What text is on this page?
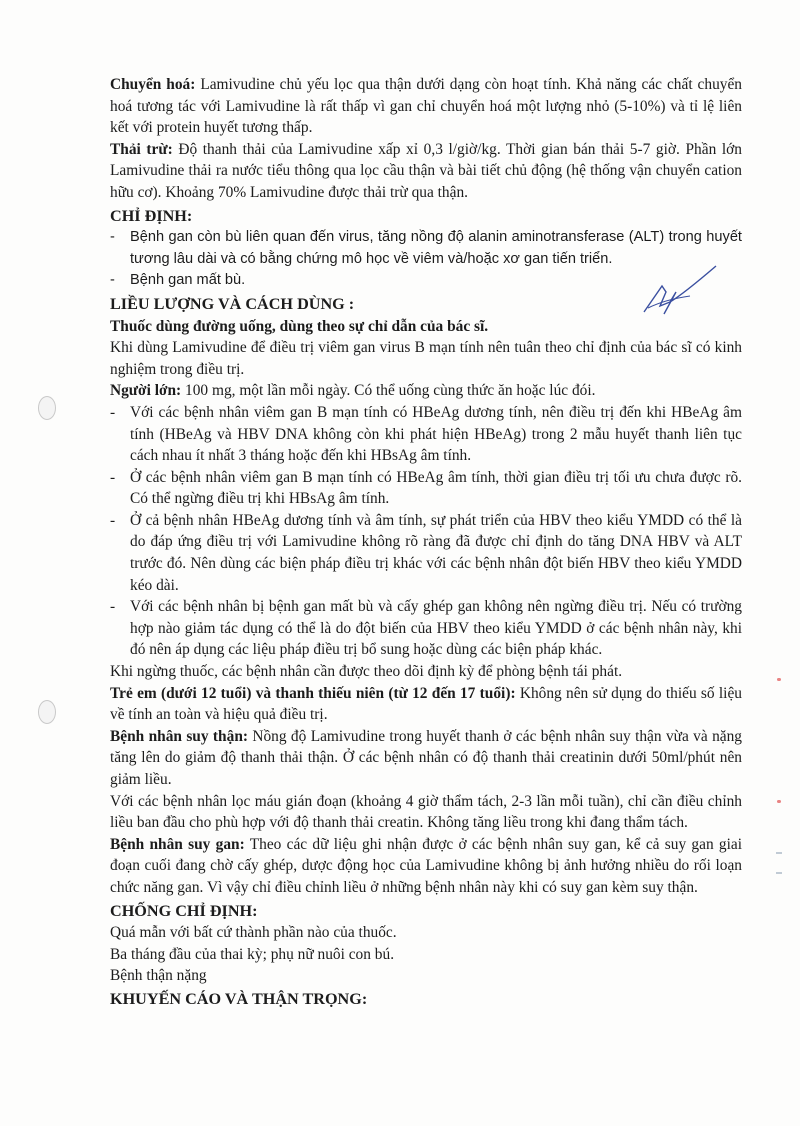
Chuyển hoá: Lamivudine chủ yếu lọc qua thận dưới dạng còn hoạt tính. Khả năng các chất chuyển hoá tương tác với Lamivudine là rất thấp vì gan chỉ chuyển hoá một lượng nhỏ (5-10%) và tỉ lệ liên kết với protein huyết tương thấp.

Thải trừ: Độ thanh thải của Lamivudine xấp xỉ 0,3 l/giờ/kg. Thời gian bán thải 5-7 giờ. Phần lớn Lamivudine thải ra nước tiểu thông qua lọc cầu thận và bài tiết chủ động (hệ thống vận chuyển cation hữu cơ). Khoảng 70% Lamivudine được thải trừ qua thận.

CHỈ ĐỊNH:
- Bệnh gan còn bù liên quan đến virus, tăng nồng độ alanin aminotransferase (ALT) trong huyết tương lâu dài và có bằng chứng mô học về viêm và/hoặc xơ gan tiến triển.
- Bệnh gan mất bù.
LIỀU LƯỢNG VÀ CÁCH DÙNG :

Thuốc dùng đường uống, dùng theo sự chỉ dẫn của bác sĩ.

Khi dùng Lamivudine để điều trị viêm gan virus B mạn tính nên tuân theo chỉ định của bác sĩ có kinh nghiệm trong điều trị.

Người lớn: 100 mg, một lần mỗi ngày. Có thể uống cùng thức ăn hoặc lúc đói.

- Với các bệnh nhân viêm gan B mạn tính có HBeAg dương tính, nên điều trị đến khi HBeAg âm tính (HBeAg và HBV DNA không còn khi phát hiện HBeAg) trong 2 mẫu huyết thanh liên tục cách nhau ít nhất 3 tháng hoặc đến khi HBsAg âm tính.
- Ở các bệnh nhân viêm gan B mạn tính có HBeAg âm tính, thời gian điều trị tối ưu chưa được rõ. Có thể ngừng điều trị khi HBsAg âm tính.
- Ở cả bệnh nhân HBeAg dương tính và âm tính, sự phát triển của HBV theo kiểu YMDD có thể là do đáp ứng điều trị với Lamivudine không rõ ràng đã được chỉ định do tăng DNA HBV và ALT trước đó. Nên dùng các biện pháp điều trị khác với các bệnh nhân đột biến HBV theo kiểu YMDD kéo dài.
- Với các bệnh nhân bị bệnh gan mất bù và cấy ghép gan không nên ngừng điều trị. Nếu có trường hợp nào giảm tác dụng có thể là do đột biến của HBV theo kiểu YMDD ở các bệnh nhân này, khi đó nên áp dụng các liệu pháp điều trị bổ sung hoặc dùng các biện pháp khác.

Khi ngừng thuốc, các bệnh nhân cần được theo dõi định kỳ để phòng bệnh tái phát.

Trẻ em (dưới 12 tuổi) và thanh thiếu niên (từ 12 đến 17 tuổi): Không nên sử dụng do thiếu số liệu về tính an toàn và hiệu quả điều trị.

Bệnh nhân suy thận: Nồng độ Lamivudine trong huyết thanh ở các bệnh nhân suy thận vừa và nặng tăng lên do giảm độ thanh thải thận. Ở các bệnh nhân có độ thanh thải creatinin dưới 50ml/phút nên giảm liều.

Với các bệnh nhân lọc máu gián đoạn (khoảng 4 giờ thẩm tách, 2-3 lần mỗi tuần), chỉ cần điều chỉnh liều ban đầu cho phù hợp với độ thanh thải creatin. Không tăng liều trong khi đang thẩm tách.

Bệnh nhân suy gan: Theo các dữ liệu ghi nhận được ở các bệnh nhân suy gan, kể cả suy gan giai đoạn cuối đang chờ cấy ghép, dược động học của Lamivudine không bị ảnh hưởng nhiều do rối loạn chức năng gan. Vì vậy chỉ điều chỉnh liều ở những bệnh nhân này khi có suy gan kèm suy thận.

CHỐNG CHỈ ĐỊNH:

Quá mẫn với bất cứ thành phần nào của thuốc.

Ba tháng đầu của thai kỳ; phụ nữ nuôi con bú.

Bệnh thận nặng

KHUYẾN CÁO VÀ THẬN TRỌNG:
